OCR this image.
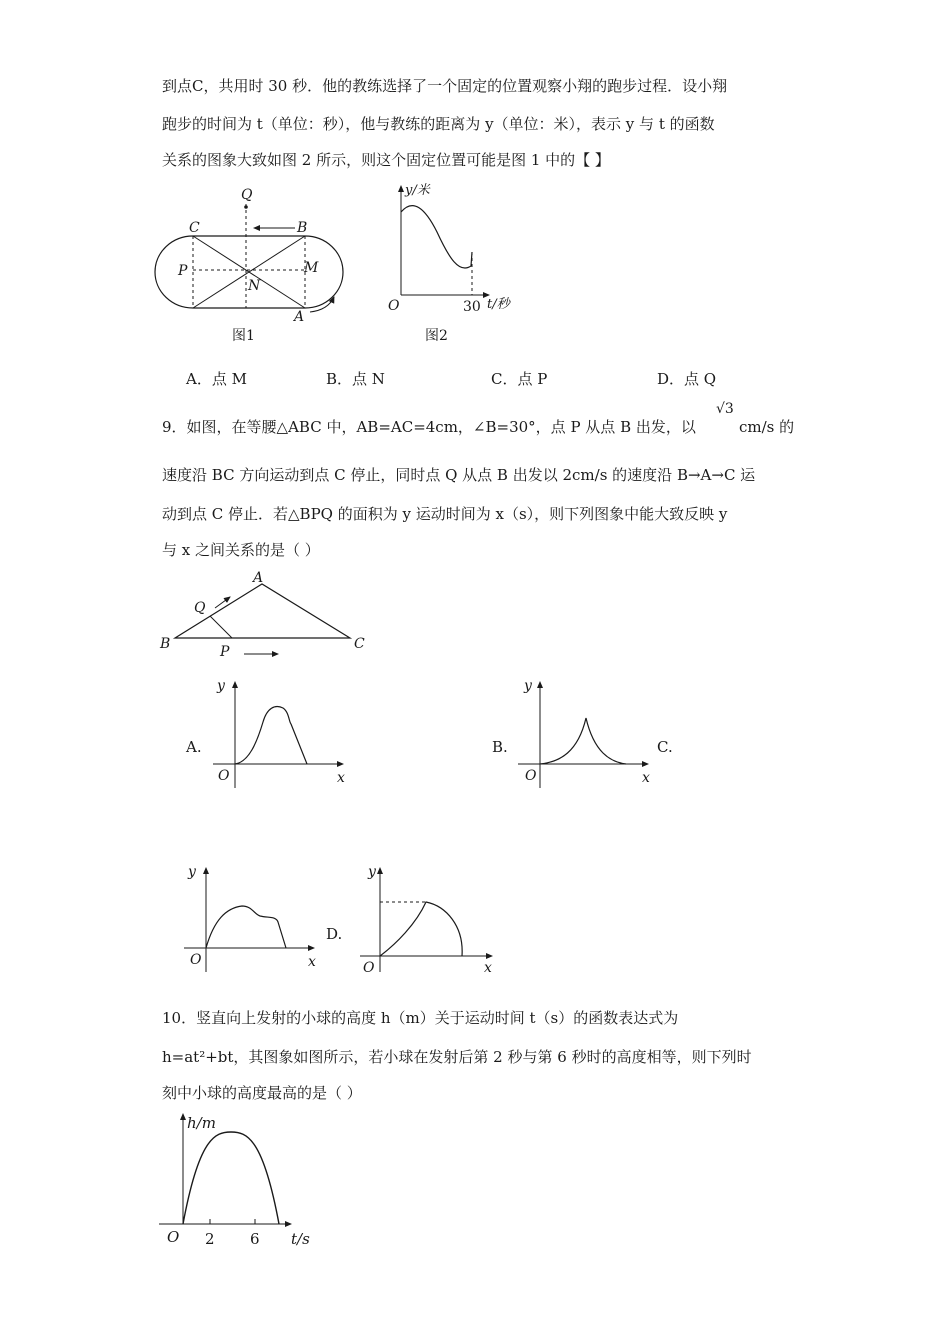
到点C，共用时 30 秒．他的教练选择了一个固定的位置观察小翔的跑步过程．设小翔
跑步的时间为 t（单位：秒），他与教练的距离为 y（单位：米），表示 y 与 t 的函数
关系的图象大致如图 2 所示，则这个固定位置可能是图 1 中的【 】
Q
C	B
P	M
N
A
图1
y/米
O	30 t/秒
图2
A．点 M	B．点 N	C．点 P	D．点 Q
9．如图，在等腰△ABC 中，AB=AC=4cm，∠B=30°，点 P 从点 B 出发，以
√3
cm/s 的
速度沿 BC 方向运动到点 C 停止，同时点 Q 从点 B 出发以 2cm/s 的速度沿 B→A→C 运
动到点 C 停止．若△BPQ 的面积为 y 运动时间为 x（s），则下列图象中能大致反映 y
与 x 之间关系的是（ ）
A
Q
B	P	C
A.
y
O	x
B.
y
O	x
C.
y
O	x
D.
y
O	x
10．竖直向上发射的小球的高度 h（m）关于运动时间 t（s）的函数表达式为
h=at²+bt，其图象如图所示，若小球在发射后第 2 秒与第 6 秒时的高度相等，则下列时
刻中小球的高度最高的是（ ）
h/m
O 2 6 t/s
